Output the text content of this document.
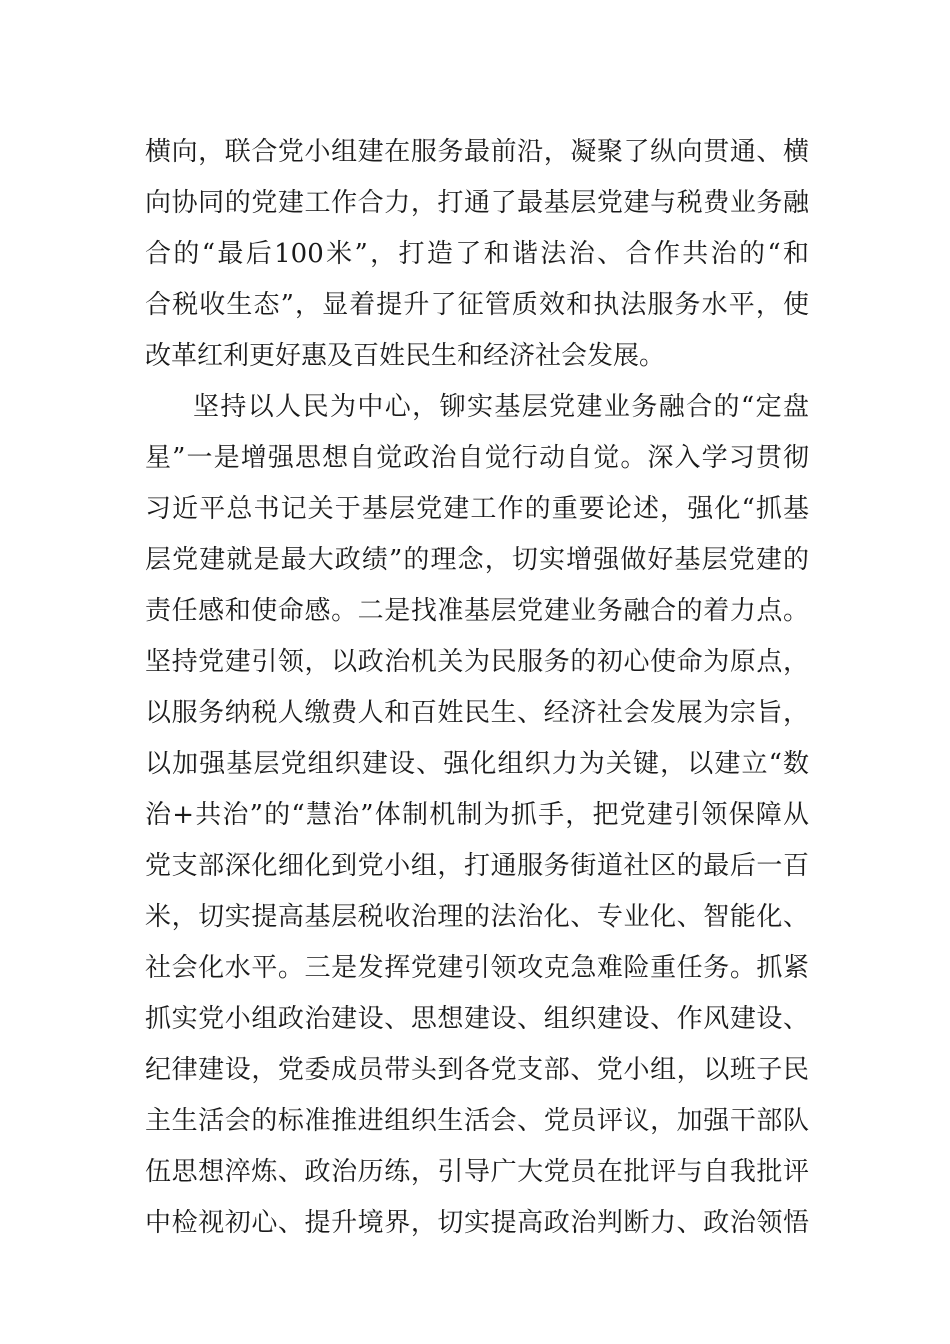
横向，联合党小组建在服务最前沿，凝聚了纵向贯通、横
向协同的党建工作合力，打通了最基层党建与税费业务融
合的“最后100米”，打造了和谐法治、合作共治的“和
合税收生态”，显着提升了征管质效和执法服务水平，使
改革红利更好惠及百姓民生和经济社会发展。
坚持以人民为中心，铆实基层党建业务融合的“定盘
星”一是增强思想自觉政治自觉行动自觉。深入学习贯彻
习近平总书记关于基层党建工作的重要论述，强化“抓基
层党建就是最大政绩”的理念，切实增强做好基层党建的
责任感和使命感。二是找准基层党建业务融合的着力点。
坚持党建引领，以政治机关为民服务的初心使命为原点，
以服务纳税人缴费人和百姓民生、经济社会发展为宗旨，
以加强基层党组织建设、强化组织力为关键，以建立“数
治+共治”的“慧治”体制机制为抓手，把党建引领保障从
党支部深化细化到党小组，打通服务街道社区的最后一百
米，切实提高基层税收治理的法治化、专业化、智能化、
社会化水平。三是发挥党建引领攻克急难险重任务。抓紧
抓实党小组政治建设、思想建设、组织建设、作风建设、
纪律建设，党委成员带头到各党支部、党小组，以班子民
主生活会的标准推进组织生活会、党员评议，加强干部队
伍思想淬炼、政治历练，引导广大党员在批评与自我批评
中检视初心、提升境界，切实提高政治判断力、政治领悟
